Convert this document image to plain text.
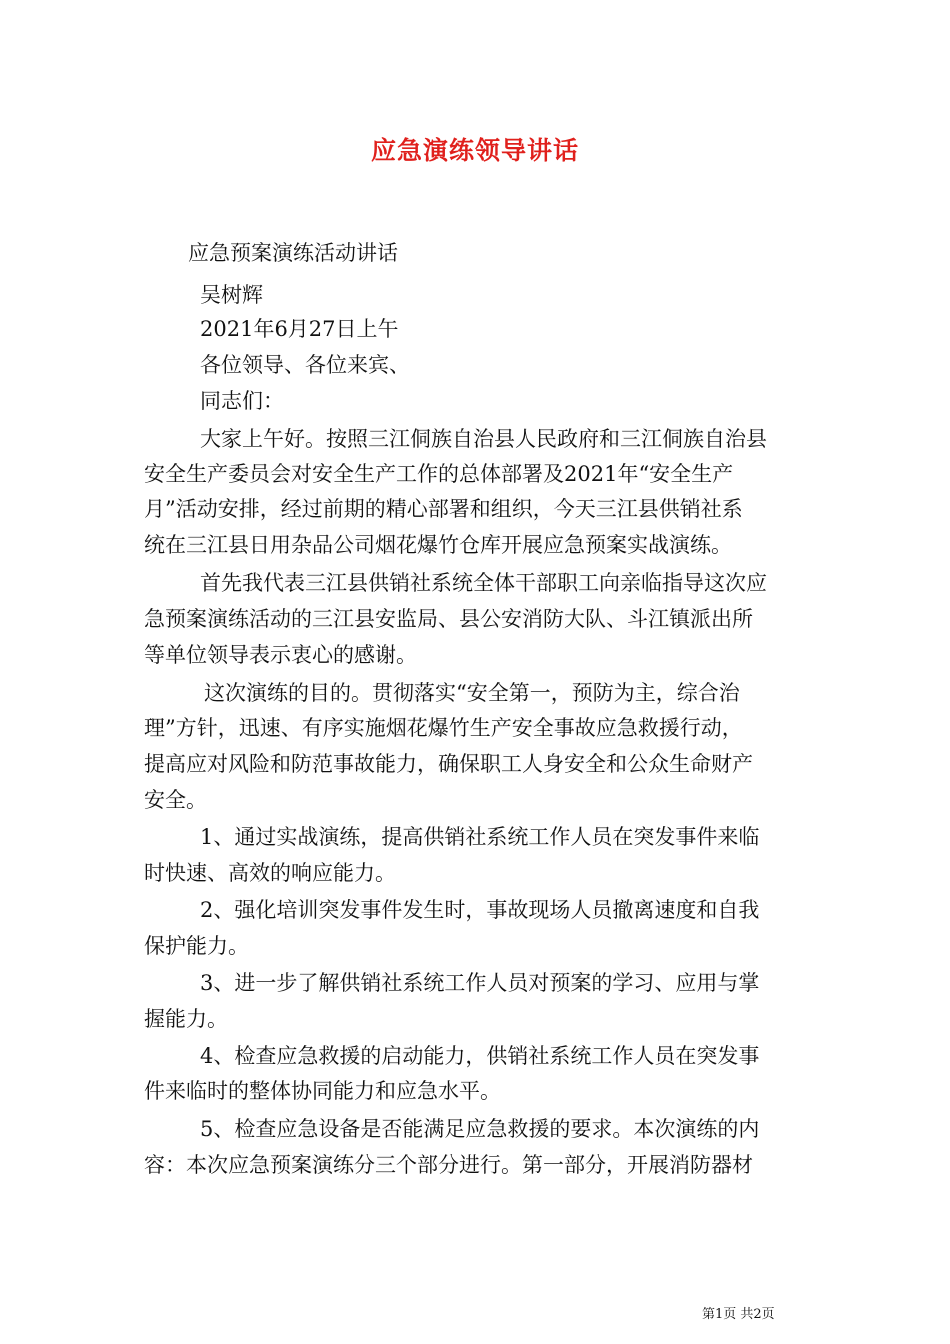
应急演练领导讲话

应急预案演练活动讲话

吴树辉

2021年6月27日上午

各位领导、各位来宾、

同志们：

大家上午好。按照三江侗族自治县人民政府和三江侗族自治县

安全生产委员会对安全生产工作的总体部署及2021年“安全生产

月”活动安排，经过前期的精心部署和组织，今天三江县供销社系

统在三江县日用杂品公司烟花爆竹仓库开展应急预案实战演练。

首先我代表三江县供销社系统全体干部职工向亲临指导这次应

急预案演练活动的三江县安监局、县公安消防大队、斗江镇派出所

等单位领导表示衷心的感谢。

这次演练的目的。贯彻落实“安全第一，预防为主，综合治

理”方针，迅速、有序实施烟花爆竹生产安全事故应急救援行动，

提高应对风险和防范事故能力，确保职工人身安全和公众生命财产

安全。

1、通过实战演练，提高供销社系统工作人员在突发事件来临

时快速、高效的响应能力。

2、强化培训突发事件发生时，事故现场人员撤离速度和自我

保护能力。

3、进一步了解供销社系统工作人员对预案的学习、应用与掌

握能力。

4、检查应急救援的启动能力，供销社系统工作人员在突发事

件来临时的整体协同能力和应急水平。

5、检查应急设备是否能满足应急救援的要求。本次演练的内

容：本次应急预案演练分三个部分进行。第一部分，开展消防器材

第1页 共2页
